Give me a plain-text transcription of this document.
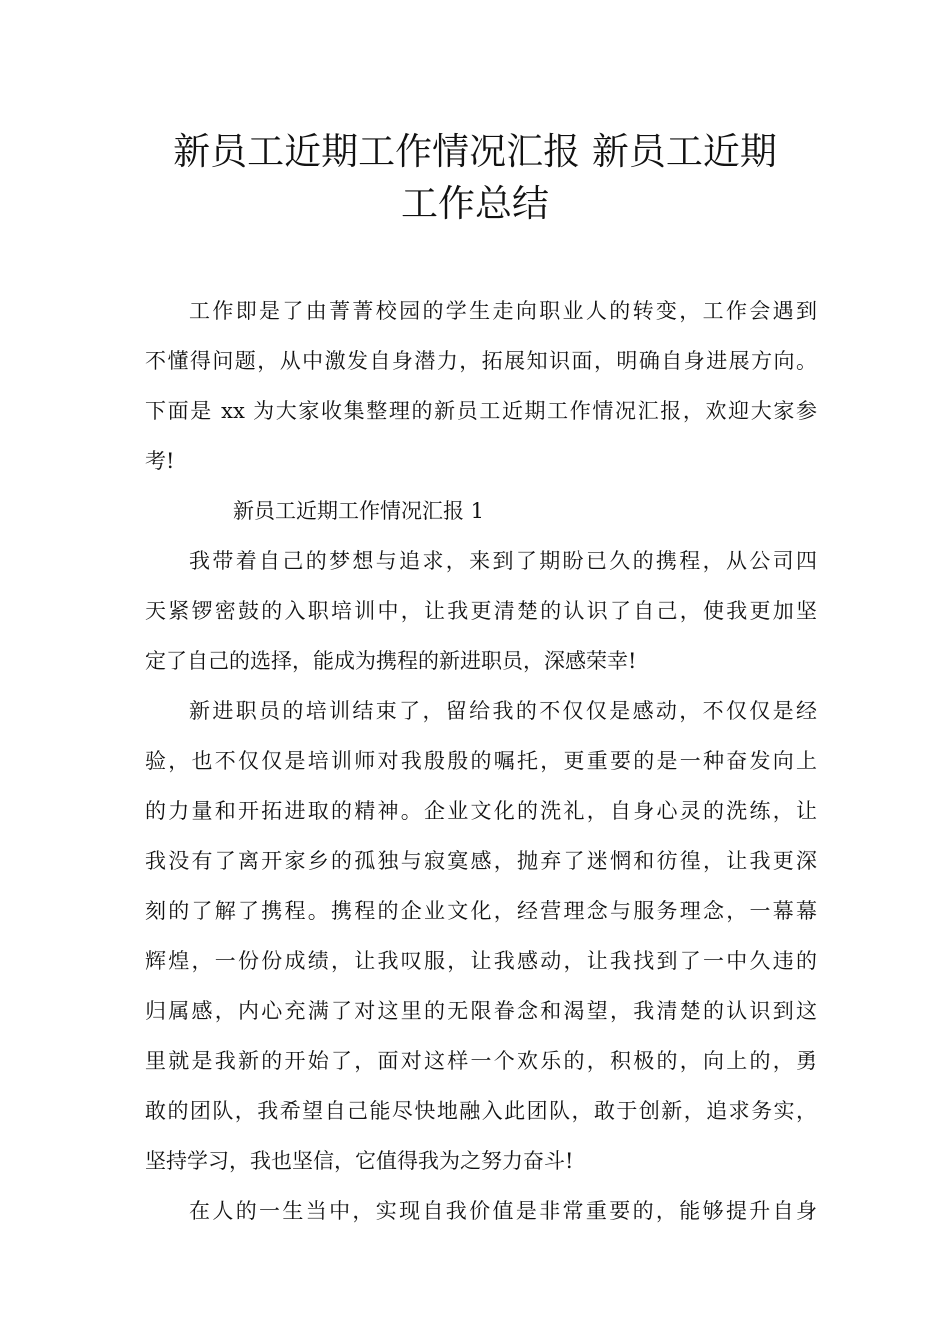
新员工近期工作情况汇报 新员工近期
工作总结
工作即是了由菁菁校园的学生走向职业人的转变，工作会遇到
不懂得问题，从中激发自身潜力，拓展知识面，明确自身进展方向。
下面是 xx 为大家收集整理的新员工近期工作情况汇报，欢迎大家参
考!
新员工近期工作情况汇报 1
我带着自己的梦想与追求，来到了期盼已久的携程，从公司四
天紧锣密鼓的入职培训中，让我更清楚的认识了自己，使我更加坚
定了自己的选择，能成为携程的新进职员，深感荣幸!
新进职员的培训结束了，留给我的不仅仅是感动，不仅仅是经
验，也不仅仅是培训师对我殷殷的嘱托，更重要的是一种奋发向上
的力量和开拓进取的精神。企业文化的洗礼，自身心灵的洗练，让
我没有了离开家乡的孤独与寂寞感，抛弃了迷惘和彷徨，让我更深
刻的了解了携程。携程的企业文化，经营理念与服务理念，一幕幕
辉煌，一份份成绩，让我叹服，让我感动，让我找到了一中久违的
归属感，内心充满了对这里的无限眷念和渴望，我清楚的认识到这
里就是我新的开始了，面对这样一个欢乐的，积极的，向上的，勇
敢的团队，我希望自己能尽快地融入此团队，敢于创新，追求务实，
坚持学习，我也坚信，它值得我为之努力奋斗!
在人的一生当中，实现自我价值是非常重要的，能够提升自身
